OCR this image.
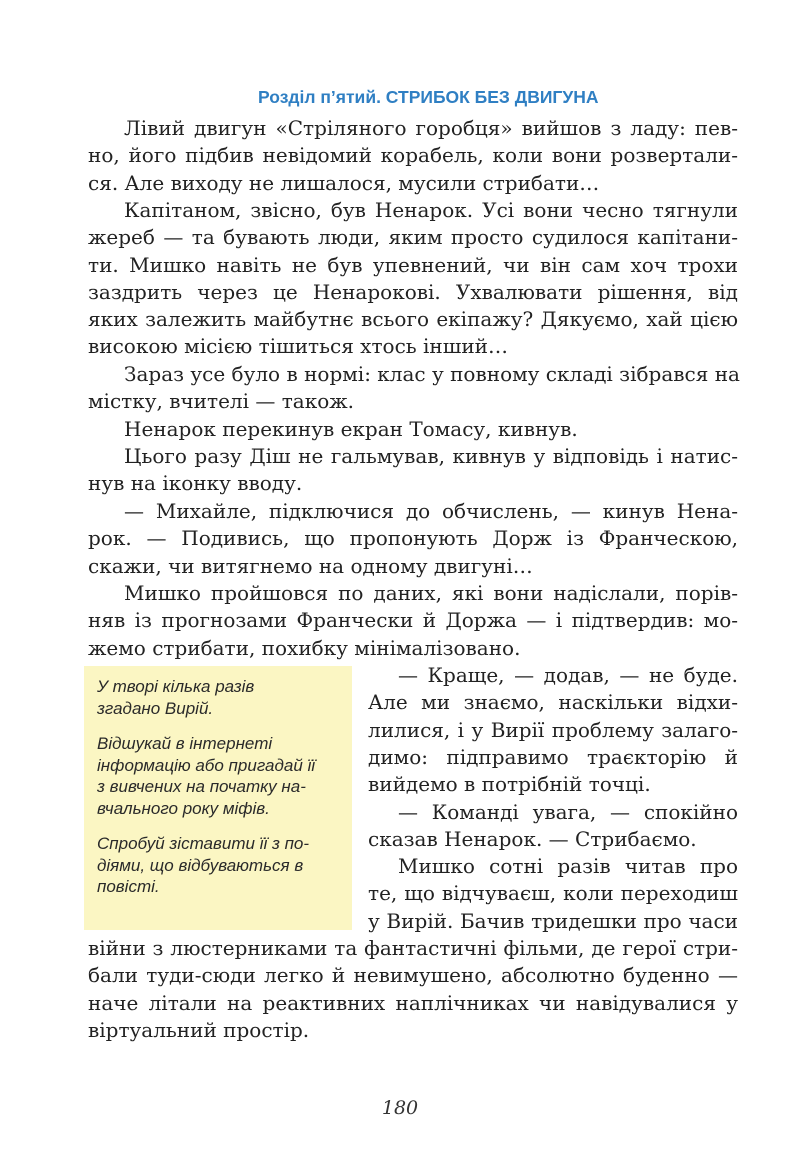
Розділ п’ятий. СТРИБОК БЕЗ ДВИГУНА

Лівий двигун «Стріляного горобця» вийшов з ладу: пев-
но, його підбив невідомий корабель, коли вони розвертали-
ся. Але виходу не лишалося, мусили стрибати…

Капітаном, звісно, був Ненарок. Усі вони чесно тягнули
жереб — та бувають люди, яким просто судилося капітани-
ти. Мишко навіть не був упевнений, чи він сам хоч трохи
заздрить через це Ненарокові. Ухвалювати рішення, від
яких залежить майбутнє всього екіпажу? Дякуємо, хай цією
високою місією тішиться хтось інший…

Зараз усе було в нормі: клас у повному складі зібрався на
містку, вчителі — також.

Ненарок перекинув екран Томасу, кивнув.

Цього разу Діш не гальмував, кивнув у відповідь і натис-
нув на іконку вводу.

— Михайле, підключися до обчислень, — кинув Ненa-
рок. — Подивись, що пропонують Дорж із Франческою,
скажи, чи витягнемо на одному двигуні…

Мишко пройшовся по даних, які вони надіслали, порів-
няв із прогнозами Франчески й Доржа — і підтвердив: мо-
жемо стрибати, похибку мінімалізовано.

У творі кілька разів
згадано Вирій.

Відшукай в інтернеті
інформацію або пригадай її
з вивчених на початку на-
вчального року міфів.

Спробуй зіставити її з по-
діями, що відбуваються в
повісті.

— Краще, — додав, — не буде.
Але ми знаємо, наскільки відхи-
лилися, і у Вирії проблему залаго-
димо: підправимо траєкторію й
вийдемо в потрібній точці.

— Команді увага, — спокійно
сказав Ненарок. — Стрибаємо.

Мишко сотні разів читав про
те, що відчуваєш, коли переходиш
у Вирій. Бачив тридешки про часи

війни з люстерниками та фантастичні фільми, де герої стри-
бали туди-сюди легко й невимушено, абсолютно буденно —
наче літали на реактивних наплічниках чи навідувалися у
віртуальний простір.

180
